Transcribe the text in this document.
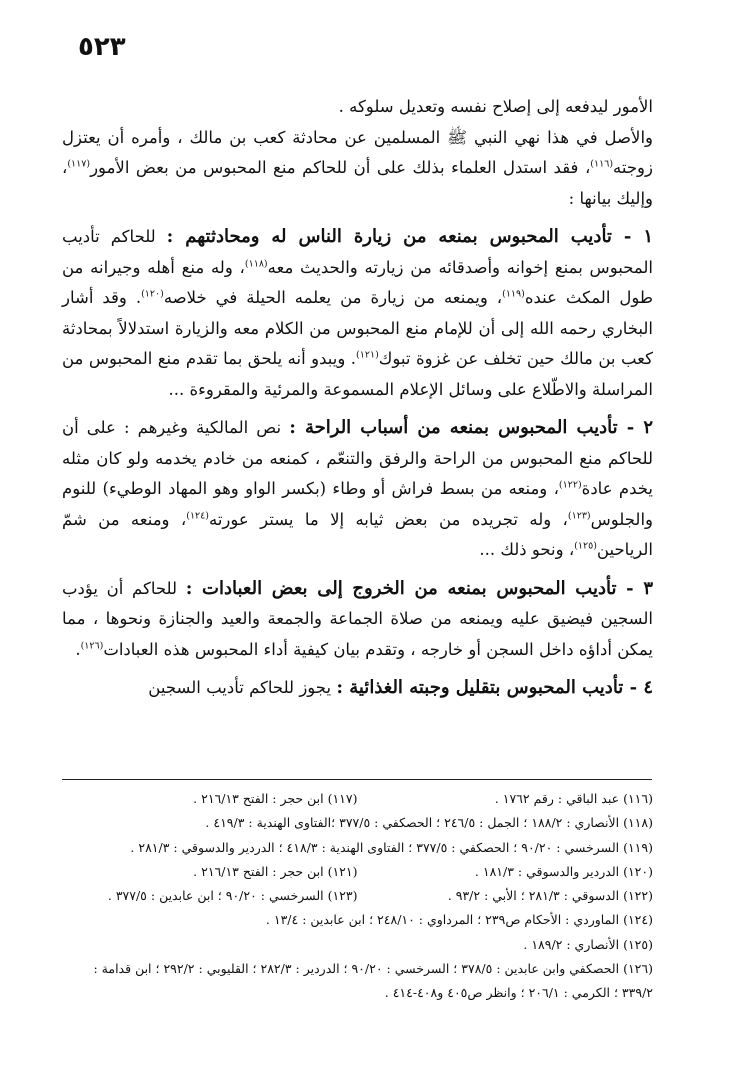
٥٢٣

الأمور ليدفعه إلى إصلاح نفسه وتعديل سلوكه .

والأصل في هذا نهي النبي ﷺ المسلمين عن محادثة كعب بن مالك ، وأمره أن يعتزل زوجته$^{(١١٦)}$، فقد استدل العلماء بذلك على أن للحاكم منع المحبوس من بعض الأمور$^{(١١٧)}$، وإليك بيانها :

١ - تأديب المحبوس بمنعه من زيارة الناس له ومحادثتهم : للحاكم تأديب المحبوس بمنع إخوانه وأصدقائه من زيارته والحديث معه$^{(١١٨)}$، وله منع أهله وجيرانه من طول المكث عنده$^{(١١٩)}$، ويمنعه من زيارة من يعلمه الحيلة في خلاصه$^{(١٢٠)}$. وقد أشار البخاري رحمه الله إلى أن للإمام منع المحبوس من الكلام معه والزيارة استدلالاً بمحادثة كعب بن مالك حين تخلف عن غزوة تبوك$^{(١٢١)}$. ويبدو أنه يلحق بما تقدم منع المحبوس من المراسلة والاطّلاع على وسائل الإعلام المسموعة والمرئية والمقروءة ...

٢ - تأديب المحبوس بمنعه من أسباب الراحة : نص المالكية وغيرهم : على أن للحاكم منع المحبوس من الراحة والرفق والتنعّم ، كمنعه من خادم يخدمه ولو كان مثله يخدم عادة$^{(١٢٢)}$، ومنعه من بسط فراش أو وطاء (بكسر الواو وهو المهاد الوطيء) للنوم والجلوس$^{(١٢٣)}$، وله تجريده من بعض ثيابه إلا ما يستر عورته$^{(١٢٤)}$، ومنعه من شمّ الرياحين$^{(١٢٥)}$، ونحو ذلك ...

٣ - تأديب المحبوس بمنعه من الخروج إلى بعض العبادات : للحاكم أن يؤدب السجين فيضيق عليه ويمنعه من صلاة الجماعة والجمعة والعيد والجنازة ونحوها ، مما يمكن أداؤه داخل السجن أو خارجه ، وتقدم بيان كيفية أداء المحبوس هذه العبادات$^{(١٢٦)}$.

٤ - تأديب المحبوس بتقليل وجبته الغذائية : يجوز للحاكم تأديب السجين

(١١٦) عبد الباقي : رقم ١٧٦٢ .
(١١٧) ابن حجر : الفتح ٢١٦/١٣ .
(١١٨) الأنصاري : ١٨٨/٢ ؛ الجمل : ٢٤٦/٥ ؛ الحصكفي : ٣٧٧/٥ ؛الفتاوى الهندية : ٤١٩/٣ .
(١١٩) السرخسي : ٩٠/٢٠ ؛ الحصكفي : ٣٧٧/٥ ؛ الفتاوى الهندية : ٤١٨/٣ ؛ الدردير والدسوقي : ٢٨١/٣ .
(١٢٠) الدردير والدسوقي : ١٨١/٣ .
(١٢١) ابن حجر : الفتح ٢١٦/١٣ .
(١٢٢) الدسوقي : ٢٨١/٣ ؛ الأبي : ٩٣/٢ .
(١٢٣) السرخسي : ٩٠/٢٠ ؛ ابن عابدين : ٣٧٧/٥ .
(١٢٤) الماوردي : الأحكام ص٢٣٩ ؛ المرداوي : ٢٤٨/١٠ ؛ ابن عابدين : ١٣/٤ .
(١٢٥) الأنصاري : ١٨٩/٢ .
(١٢٦) الحصكفي وابن عابدين : ٣٧٨/٥ ؛ السرخسي : ٩٠/٢٠ ؛ الدردير : ٢٨٢/٣ ؛ القليوبي : ٢٩٢/٢ ؛ ابن قدامة :
٣٣٩/٢ ؛ الكرمي : ٢٠٦/١ ؛ وانظر ص٤٠٥ و٤٠٨-٤١٤ .
